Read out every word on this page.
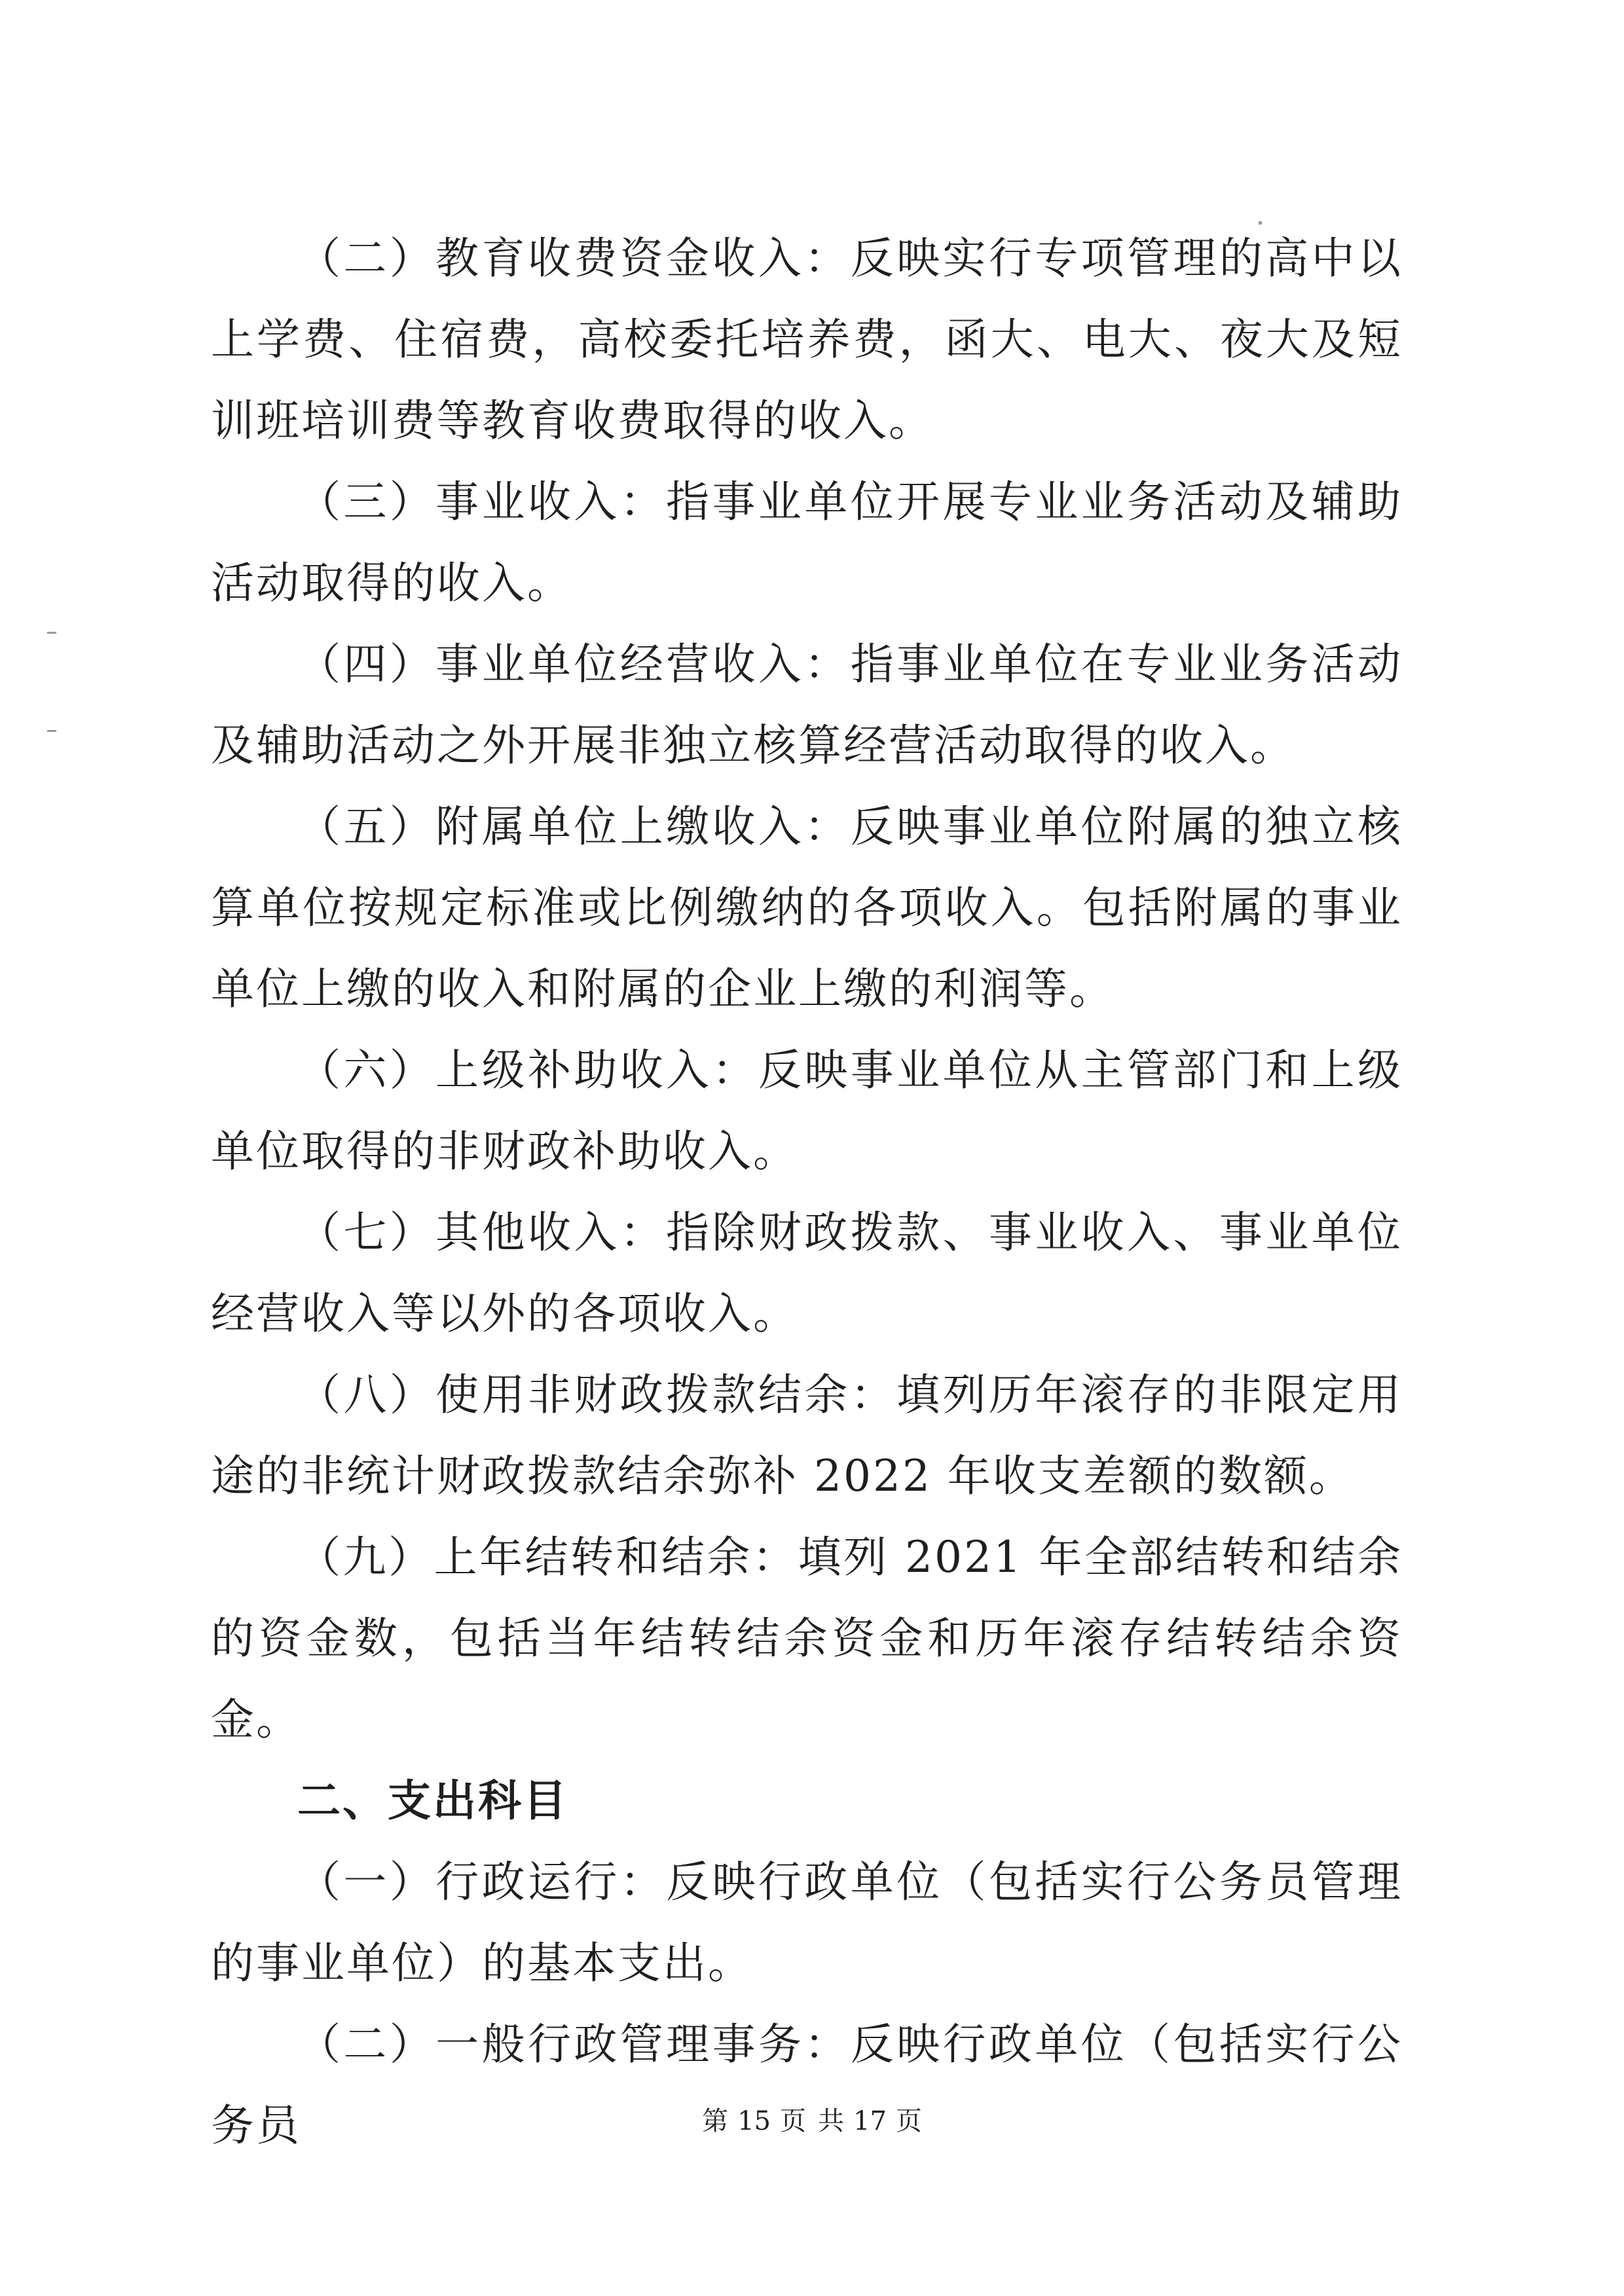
（二）教育收费资金收入：反映实行专项管理的高中以上学费、住宿费，高校委托培养费，函大、电大、夜大及短训班培训费等教育收费取得的收入。

（三）事业收入：指事业单位开展专业业务活动及辅助活动取得的收入。

（四）事业单位经营收入：指事业单位在专业业务活动及辅助活动之外开展非独立核算经营活动取得的收入。

（五）附属单位上缴收入：反映事业单位附属的独立核算单位按规定标准或比例缴纳的各项收入。包括附属的事业单位上缴的收入和附属的企业上缴的利润等。

（六）上级补助收入：反映事业单位从主管部门和上级单位取得的非财政补助收入。

（七）其他收入：指除财政拨款、事业收入、事业单位经营收入等以外的各项收入。

（八）使用非财政拨款结余：填列历年滚存的非限定用途的非统计财政拨款结余弥补 2022 年收支差额的数额。

（九）上年结转和结余：填列 2021 年全部结转和结余的资金数，包括当年结转结余资金和历年滚存结转结余资金。

二、支出科目

（一）行政运行：反映行政单位（包括实行公务员管理的事业单位）的基本支出。

（二）一般行政管理事务：反映行政单位（包括实行公务员	第 15 页 共 17 页
